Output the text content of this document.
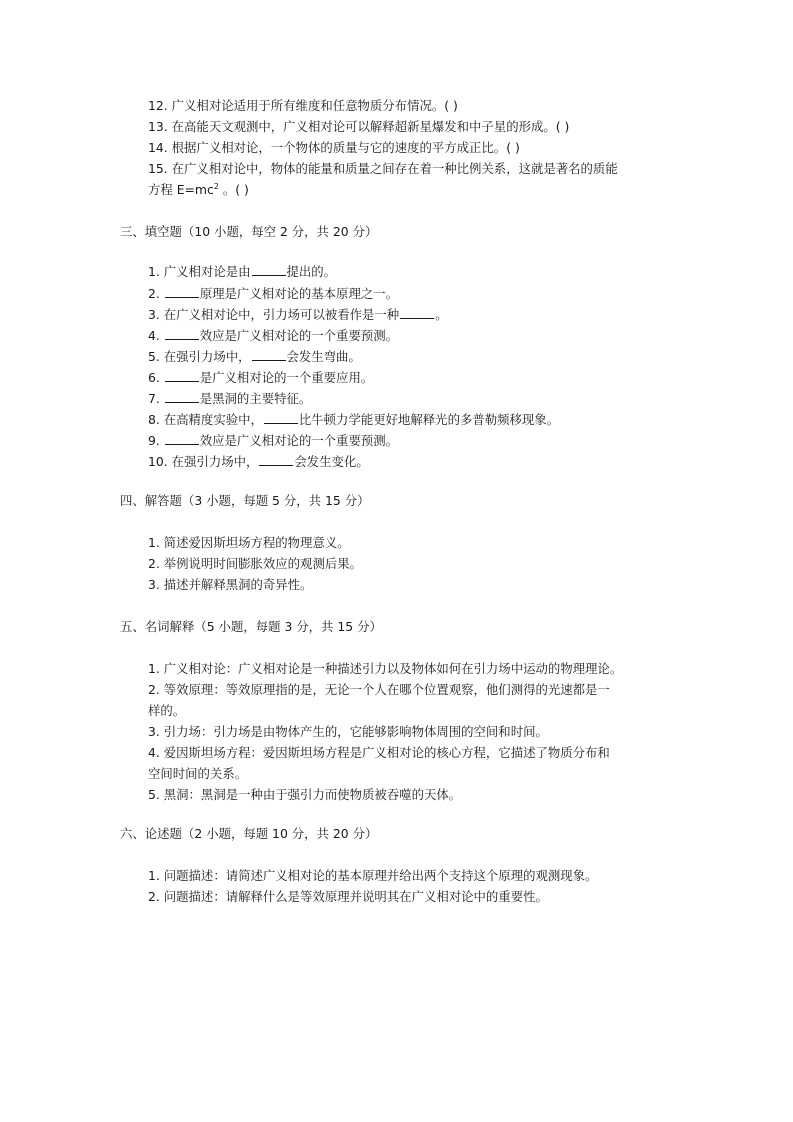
12. 广义相对论适用于所有维度和任意物质分布情况。( )
13. 在高能天文观测中，广义相对论可以解释超新星爆发和中子星的形成。( )
14. 根据广义相对论，一个物体的质量与它的速度的平方成正比。( )
15. 在广义相对论中，物体的能量和质量之间存在着一种比例关系，这就是著名的质能
方程 $E=mc^2$ 。( )
三、填空题（10 小题，每空 2 分，共 20 分）
1. 广义相对论是由	提出的。
2.	原理是广义相对论的基本原理之一。
3. 在广义相对论中，引力场可以被看作是一种	。
4.	效应是广义相对论的一个重要预测。
5. 在强引力场中，	会发生弯曲。
6.	是广义相对论的一个重要应用。
7.	是黑洞的主要特征。
8. 在高精度实验中，	比牛顿力学能更好地解释光的多普勒频移现象。
9.	效应是广义相对论的一个重要预测。
10. 在强引力场中，	会发生变化。
四、解答题（3 小题，每题 5 分，共 15 分）
1. 简述爱因斯坦场方程的物理意义。
2. 举例说明时间膨胀效应的观测后果。
3. 描述并解释黑洞的奇异性。
五、名词解释（5 小题，每题 3 分，共 15 分）
1. 广义相对论：广义相对论是一种描述引力以及物体如何在引力场中运动的物理理论。
2. 等效原理：等效原理指的是，无论一个人在哪个位置观察，他们测得的光速都是一
样的。
3. 引力场：引力场是由物体产生的，它能够影响物体周围的空间和时间。
4. 爱因斯坦场方程：爱因斯坦场方程是广义相对论的核心方程，它描述了物质分布和
空间时间的关系。
5. 黑洞：黑洞是一种由于强引力而使物质被吞噬的天体。
六、论述题（2 小题，每题 10 分，共 20 分）
1. 问题描述：请简述广义相对论的基本原理并给出两个支持这个原理的观测现象。
2. 问题描述：请解释什么是等效原理并说明其在广义相对论中的重要性。
